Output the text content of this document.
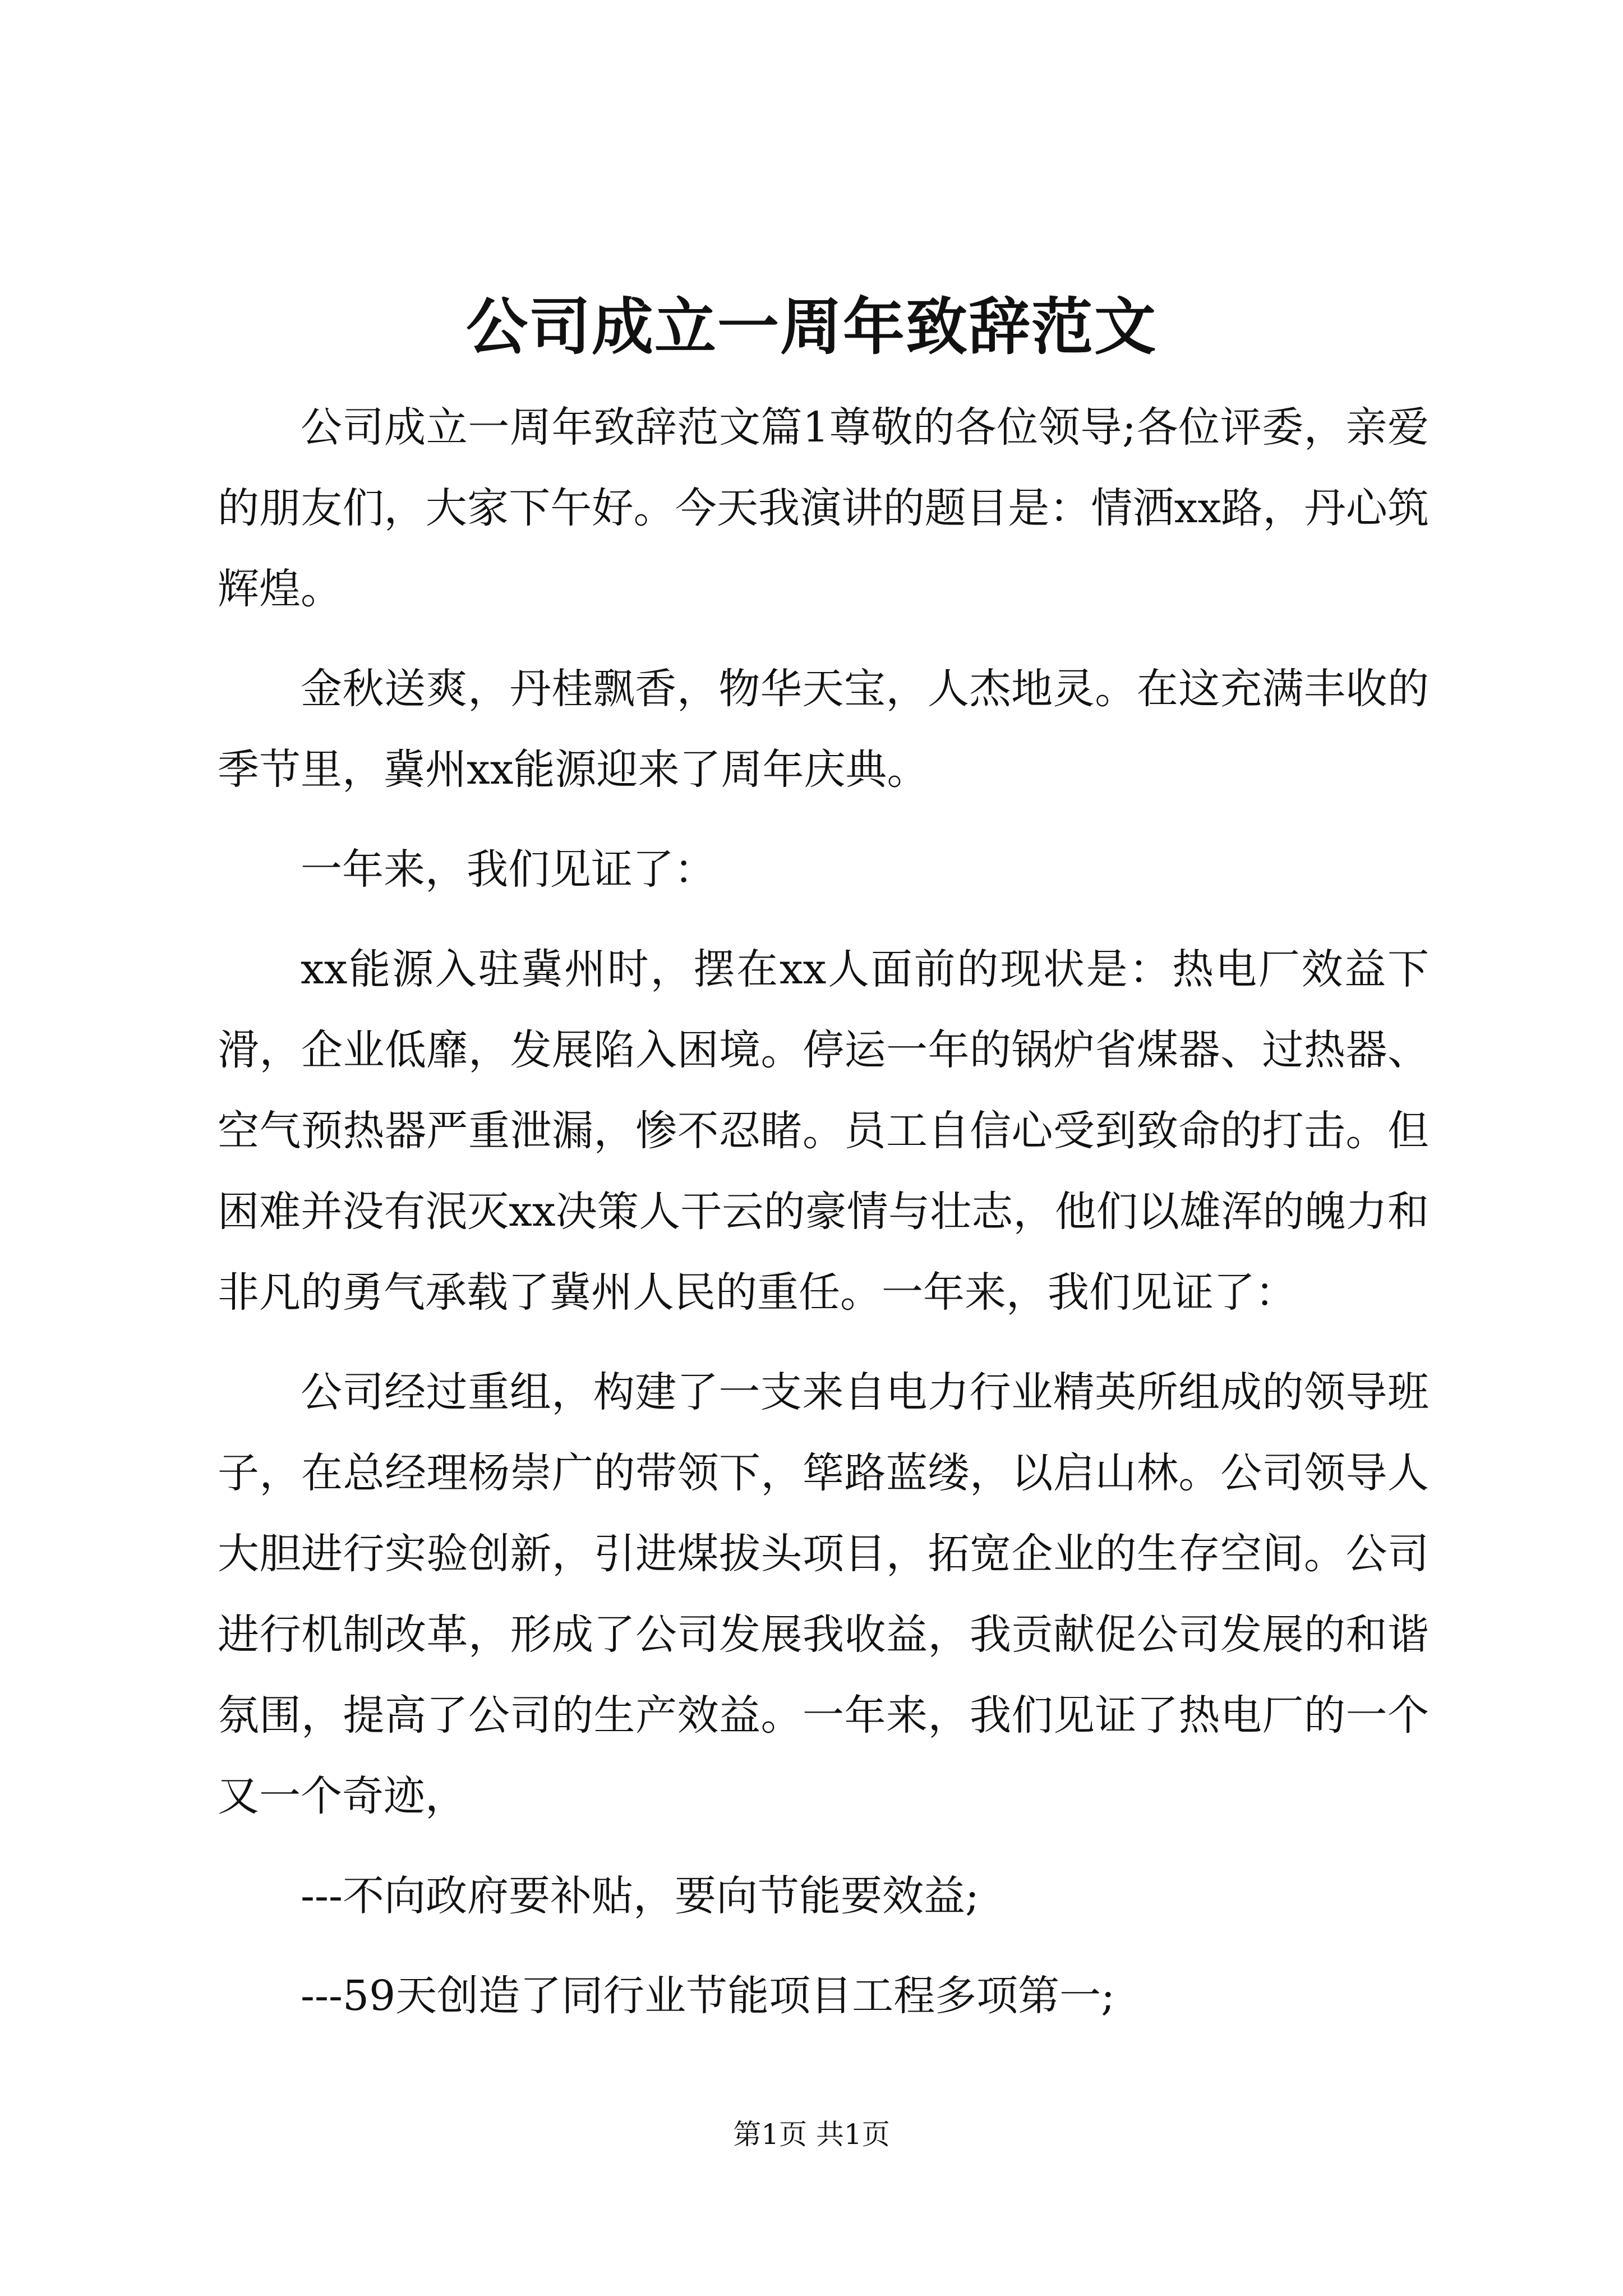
公司成立一周年致辞范文

公司成立一周年致辞范文篇1尊敬的各位领导;各位评委，亲爱的朋友们，大家下午好。今天我演讲的题目是：情洒xx路，丹心筑辉煌。

金秋送爽，丹桂飘香，物华天宝，人杰地灵。在这充满丰收的季节里，冀州xx能源迎来了周年庆典。

一年来，我们见证了：

xx能源入驻冀州时，摆在xx人面前的现状是：热电厂效益下滑，企业低靡，发展陷入困境。停运一年的锅炉省煤器、过热器、空气预热器严重泄漏，惨不忍睹。员工自信心受到致命的打击。但困难并没有泯灭xx决策人干云的豪情与壮志，他们以雄浑的魄力和非凡的勇气承载了冀州人民的重任。一年来，我们见证了：

公司经过重组，构建了一支来自电力行业精英所组成的领导班子，在总经理杨崇广的带领下，筚路蓝缕，以启山林。公司领导人大胆进行实验创新，引进煤拔头项目，拓宽企业的生存空间。公司进行机制改革，形成了公司发展我收益，我贡献促公司发展的和谐氛围，提高了公司的生产效益。一年来，我们见证了热电厂的一个又一个奇迹，

---不向政府要补贴，要向节能要效益;

---59天创造了同行业节能项目工程多项第一;

第1页 共1页
